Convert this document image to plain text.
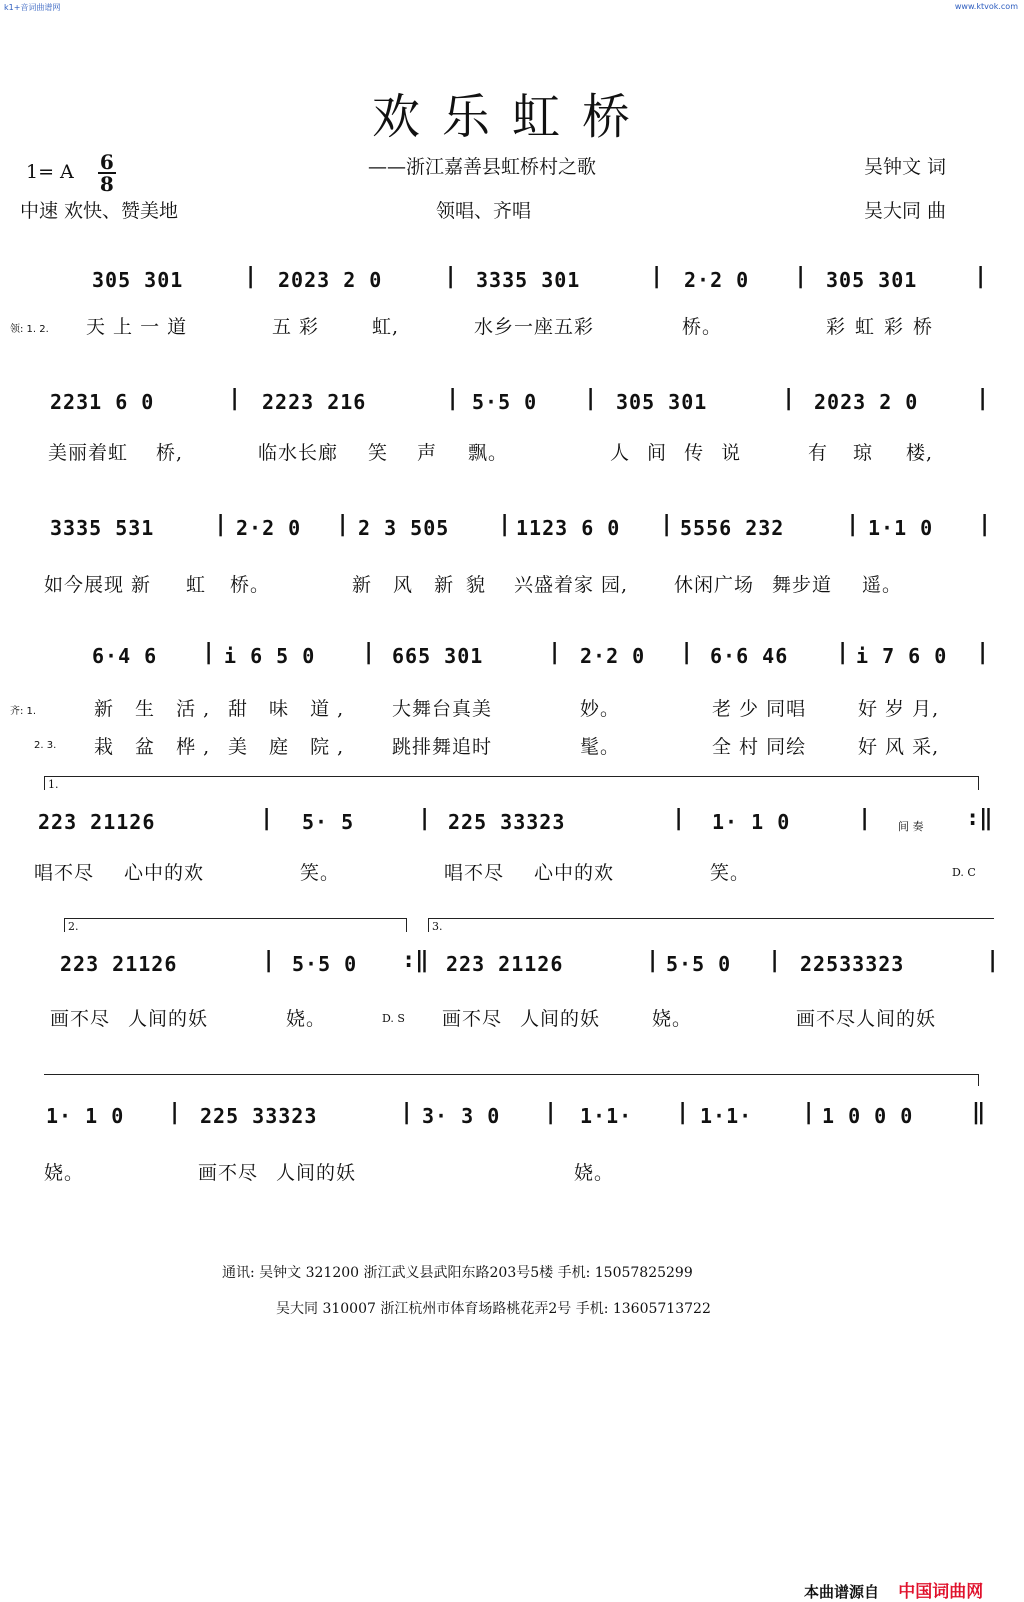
k1+音词曲谱网	www.ktvok.com
欢乐虹桥
1= A $\frac{6}{8}$	——浙江嘉善县虹桥村之歌	吴钟文 词
中速 欢快、赞美地	领唱、齐唱	吴大同 曲
305 301	| 2023 2 0	| 3335 301	| 2·2 0 | 305 301	|
领: 1. 2. 天 上 一 道	五 彩	虹,	水乡一座五彩	桥。	彩虹彩桥
2231 6 0	| 2223 216	| 5·5 0 | 305 301	| 2023 2 0	|
美丽着虹 桥,	临水长廊 笑 声 飘。	人 间 传 说	有 琼 楼,
3335 531	| 2·2 0 | 2 3 505 | 1123 6 0 | 5556 232	| 1·1 0 |
如今展现 新 虹 桥。	新 风 新 貌 兴盛着家 园, 休闲广场 舞步道 遥。
6·4 6 | i 6 5 0 | 665 301	| 2·2 0 | 6·6 46 | i 7 6 0 |
齐: 1.	新 生 活, 甜 味 道, 大舞台真美	妙。	老 少 同唱	好 岁 月,
2. 3. 栽 盆 桦, 美 庭 院, 跳排舞追时	髦。	全 村 同绘	好 风 采,
1.
223 21126	| 5· 5	| 225 33323	| 1· 1 0	| 间 奏 :‖
唱不尽 心中的欢	笑。	唱不尽 心中的欢	笑。	D. C
2.	3.
223 21126	| 5·5 0 :‖ 223 21126	| 5·5 0 | 22533323	|
画不尽 人间的妖	娆。	画不尽 人间的妖	娆。	画不尽人间的妖
D. S
1· 1 0 | 225 33323	| 3· 3 0 | 1·1· | 1·1· | 1 0 0 0	‖
娆。	画不尽 人间的妖	娆。
通讯: 吴钟文 321200 浙江武义县武阳东路203号5楼 手机: 15057825299
吴大同 310007 浙江杭州市体育场路桃花弄2号 手机: 13605713722
本曲谱源自 中国词曲网
